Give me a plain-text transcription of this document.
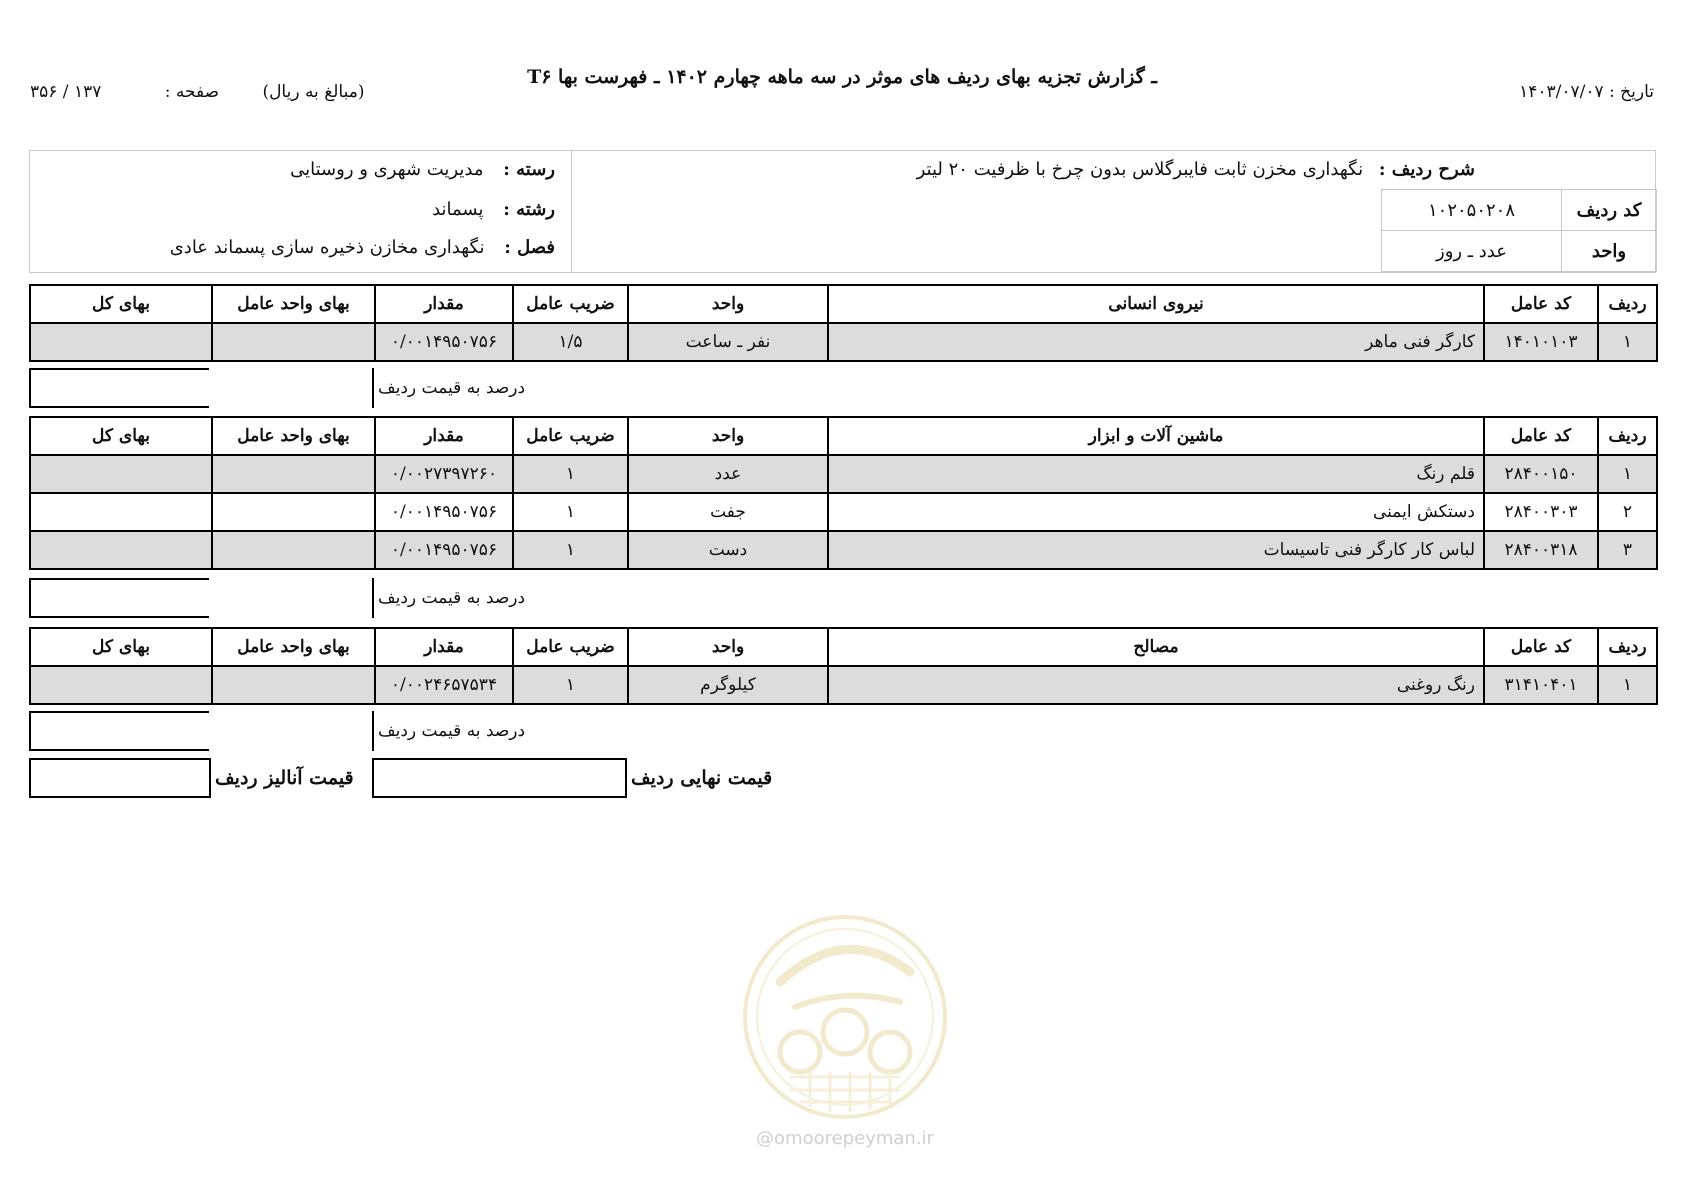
T۶ ـ گزارش تجزیه بهای ردیف های موثر در سه ماهه چهارم ۱۴۰۲ ـ فهرست بها
تاریخ : ۱۴۰۳/۰۷/۰۷
(مبالغ به ریال) صفحه : ۱۳۷ / ۳۵۶
شرح ردیف : نگهداری مخزن ثابت فایبرگلاس بدون چرخ با ظرفیت ۲۰ لیتر
کد ردیف
۱۰۲۰۵۰۲۰۸
واحد
عدد ـ روز
رسته : مدیریت شهری و روستایی
رشته : پسماند
فصل : نگهداری مخازن ذخیره سازی پسماند عادی
ردیف	کد عامل	نیروی انسانی	واحد	ضریب عامل	مقدار	بهای واحد عامل	بهای کل
۱	۱۴۰۱۰۱۰۳	کارگر فنی ماهر	نفر ـ ساعت	۱/۵	۰/۰۰۱۴۹۵۰۷۵۶		
درصد به قیمت ردیف
ردیف	کد عامل	ماشین آلات و ابزار	واحد	ضریب عامل	مقدار	بهای واحد عامل	بهای کل
۱	۲۸۴۰۰۱۵۰	قلم رنگ	عدد	۱	۰/۰۰۲۷۳۹۷۲۶۰		
۲	۲۸۴۰۰۳۰۳	دستکش ایمنی	جفت	۱	۰/۰۰۱۴۹۵۰۷۵۶		
۳	۲۸۴۰۰۳۱۸	لباس کار کارگر فنی تاسیسات	دست	۱	۰/۰۰۱۴۹۵۰۷۵۶		
درصد به قیمت ردیف
ردیف	کد عامل	مصالح	واحد	ضریب عامل	مقدار	بهای واحد عامل	بهای کل
۱	۳۱۴۱۰۴۰۱	رنگ روغنی	کیلوگرم	۱	۰/۰۰۲۴۶۵۷۵۳۴		
درصد به قیمت ردیف
قیمت آنالیز ردیف	قیمت نهایی ردیف
@omoorepeyman.ir
